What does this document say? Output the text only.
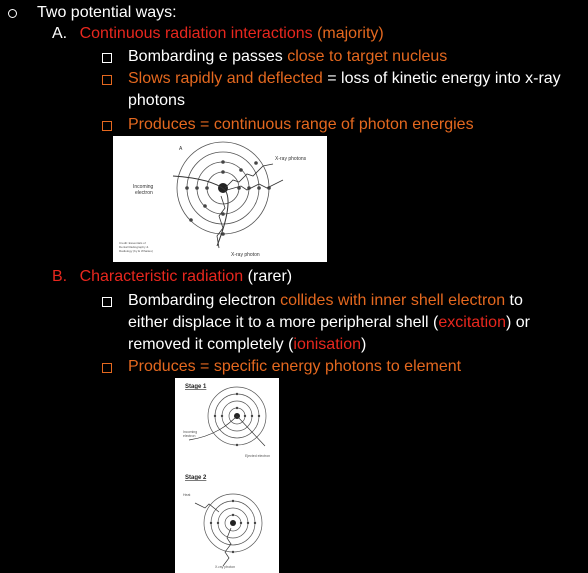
Two potential ways:
A. Continuous radiation interactions (majority)
Bombarding e passes close to target nucleus
Slows rapidly and deflected = loss of kinetic energy into x-ray
photons
Produces = continuous range of photon energies
A
X-ray photons
Incoming
electron
X-ray photon
Credit: Essentials of
Dental Radiography &
Radiology (by E Whaites)
B. Characteristic radiation (rarer)
Bombarding electron collides with inner shell electron to
either displace it to a more peripheral shell (excitation) or
removed it completely (ionisation)
Produces = specific energy photons to element
Stage 1
Incoming
electron
Ejected electron
Stage 2
Heat
X-ray photon
